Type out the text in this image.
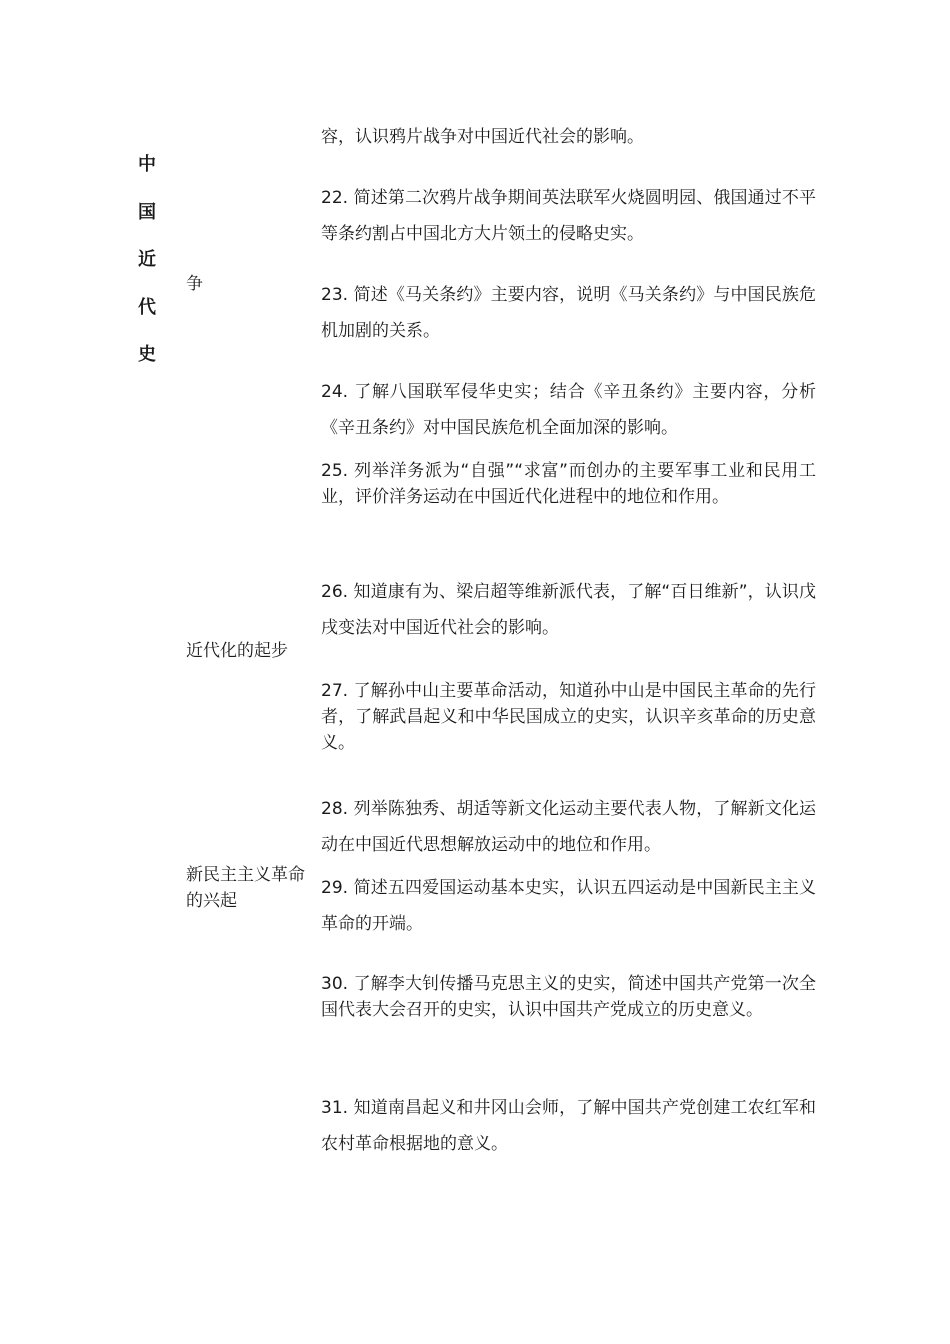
中
国
近
代
史
争
近代化的起步
新民主主义革命的兴起
容，认识鸦片战争对中国近代社会的影响。
22. 简述第二次鸦片战争期间英法联军火烧圆明园、俄国通过不平等条约割占中国北方大片领土的侵略史实。
23. 简述《马关条约》主要内容，说明《马关条约》与中国民族危机加剧的关系。
24. 了解八国联军侵华史实；结合《辛丑条约》主要内容，分析《辛丑条约》对中国民族危机全面加深的影响。
25. 列举洋务派为“自强”“求富”而创办的主要军事工业和民用工业，评价洋务运动在中国近代化进程中的地位和作用。
26. 知道康有为、梁启超等维新派代表，了解“百日维新”，认识戊戌变法对中国近代社会的影响。
27. 了解孙中山主要革命活动，知道孙中山是中国民主革命的先行者，了解武昌起义和中华民国成立的史实，认识辛亥革命的历史意义。
28. 列举陈独秀、胡适等新文化运动主要代表人物，了解新文化运动在中国近代思想解放运动中的地位和作用。
29. 简述五四爱国运动基本史实，认识五四运动是中国新民主主义革命的开端。
30. 了解李大钊传播马克思主义的史实，简述中国共产党第一次全国代表大会召开的史实，认识中国共产党成立的历史意义。
31. 知道南昌起义和井冈山会师，了解中国共产党创建工农红军和农村革命根据地的意义。
